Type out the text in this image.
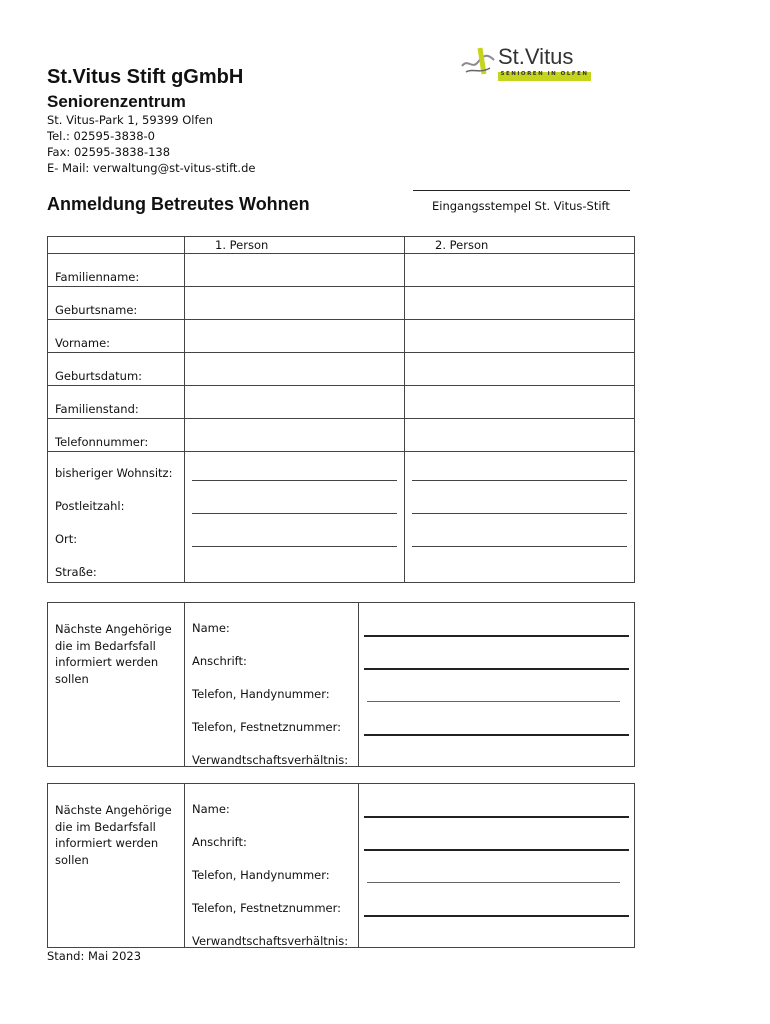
St.Vitus
SENIOREN IN OLFEN
St.Vitus Stift gGmbH
Seniorenzentrum
St. Vitus-Park 1, 59399 Olfen
Tel.: 02595-3838-0
Fax: 02595-3838-138
E- Mail: verwaltung@st-vitus-stift.de
Anmeldung Betreutes Wohnen	Eingangsstempel St. Vitus-Stift

	1. Person	2. Person

Familienname:		

Geburtsname:		

Vorname:		

Geburtsdatum:		

Familienstand:		

Telefonnummer:		

bisheriger Wohnsitz:
Postleitzahl:
Ort:
Straße:		

Nächste Angehörige die im Bedarfsfall informiert werden sollen

Name:
Anschrift:
Telefon, Handynummer:
Telefon, Festnetznummer:
Verwandtschaftsverhältnis:

Nächste Angehörige die im Bedarfsfall informiert werden sollen

Name:
Anschrift:
Telefon, Handynummer:
Telefon, Festnetznummer:
Verwandtschaftsverhältnis:

Stand: Mai 2023
